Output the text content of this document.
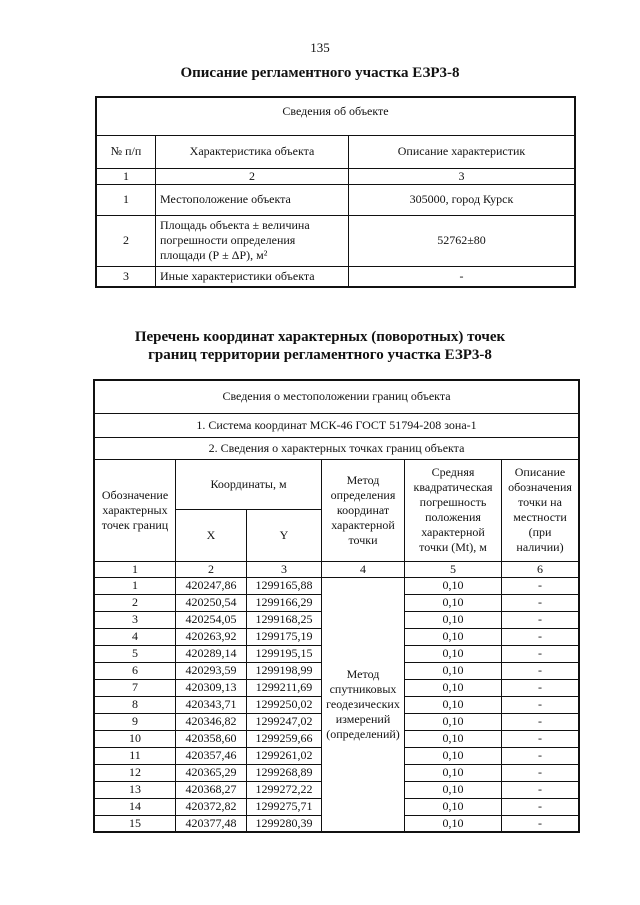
135
Описание регламентного участка ЕЗР3-8
Сведения об объекте		
№ п/п	Характеристика объекта	Описание характеристик
1	2	3
1	Местоположение объекта	305000, город Курск
2	Площадь объекта ± величина
погрешности определения
площади (Р ± ΔР), м²	52762±80
3	Иные характеристики объекта	-
Перечень координат характерных (поворотных) точек
границ территории регламентного участка ЕЗР3-8
Сведения о местоположении границ объекта					
1. Система координат МСК-46 ГОСТ 51794-208 зона-1					
2. Сведения о характерных точках границ объекта					
Обозначение характерных точек границ	Координаты, м		Метод определения координат характерной точки	Средняя квадратическая погрешность положения характерной точки (Mt), м	Описание обозначения точки на местности (при наличии)
	X	Y			
1	2	3	4	5	6
1	420247,86	1299165,88	Метод спутниковых геодезических измерений (определений)	0,10	-
2	420250,54	1299166,29		0,10	-
3	420254,05	1299168,25		0,10	-
4	420263,92	1299175,19		0,10	-
5	420289,14	1299195,15		0,10	-
6	420293,59	1299198,99		0,10	-
7	420309,13	1299211,69		0,10	-
8	420343,71	1299250,02		0,10	-
9	420346,82	1299247,02		0,10	-
10	420358,60	1299259,66		0,10	-
11	420357,46	1299261,02		0,10	-
12	420365,29	1299268,89		0,10	-
13	420368,27	1299272,22		0,10	-
14	420372,82	1299275,71		0,10	-
15	420377,48	1299280,39		0,10	-
